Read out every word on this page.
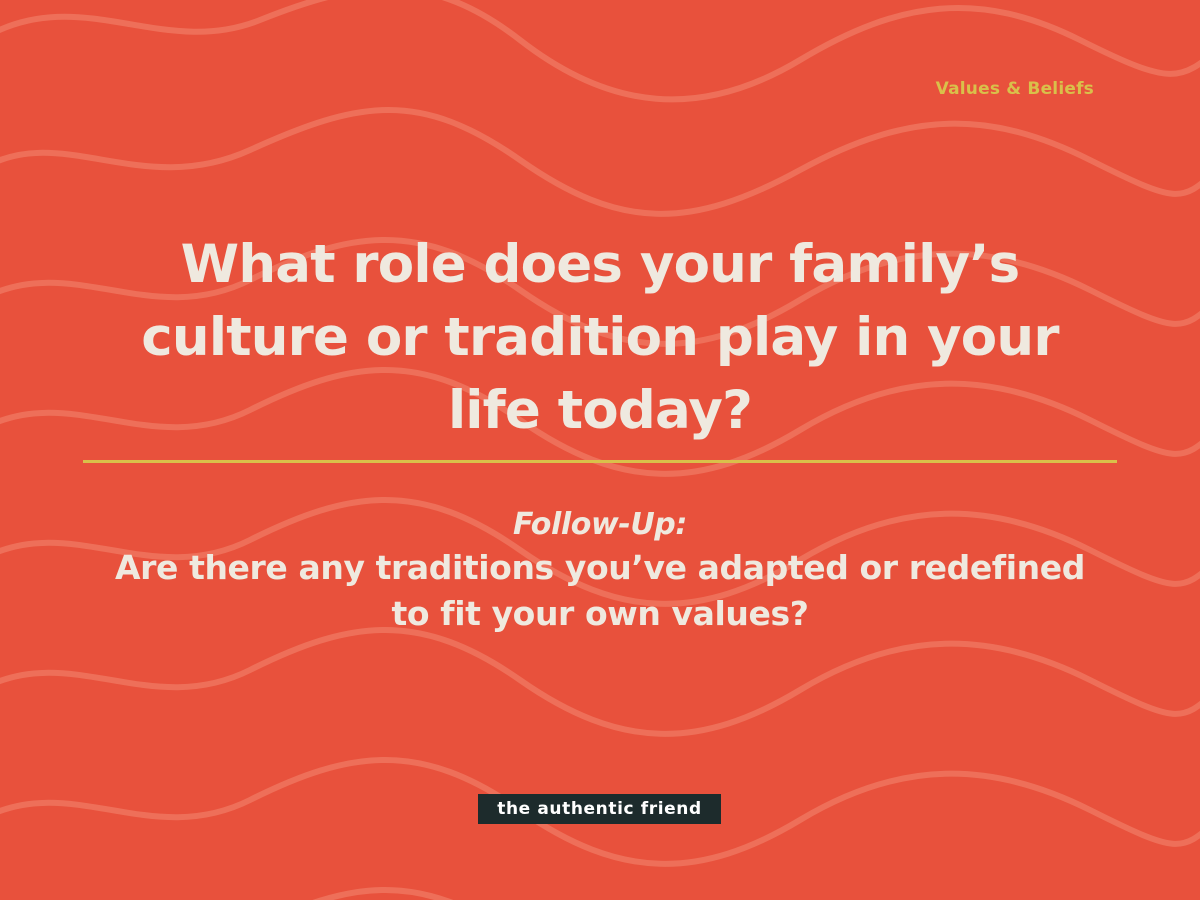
Values & Beliefs

What role does your family’s culture or tradition play in your life today?

Follow-Up:

Are there any traditions you’ve adapted or redefined to fit your own values?

the authentic friend
